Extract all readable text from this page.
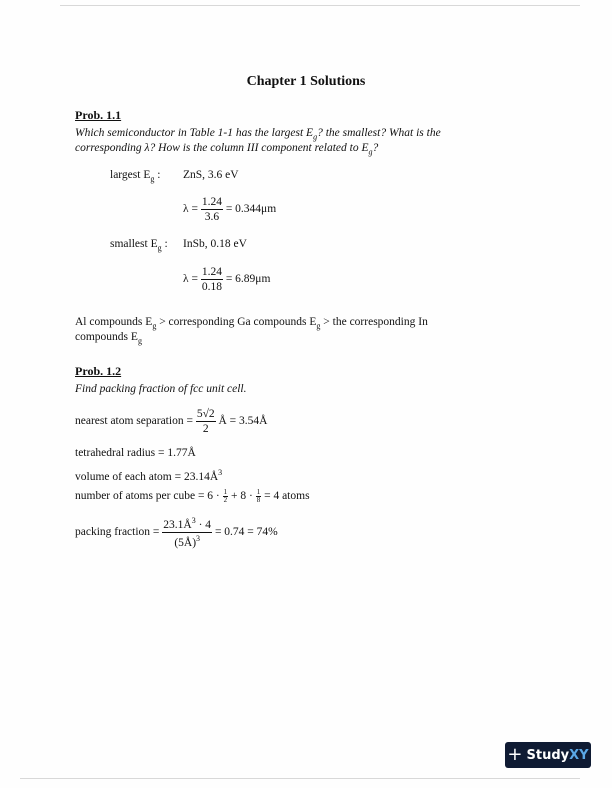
Chapter 1 Solutions
Prob. 1.1
Which semiconductor in Table 1-1 has the largest $E_g$? the smallest? What is the
corresponding λ? How is the column III component related to $E_g$?
largest $E_g$ : ZnS, 3.6 eV
$\lambda = \frac{1.24}{3.6} = 0.344\mu m$
smallest $E_g$ : InSb, 0.18 eV
$\lambda = \frac{1.24}{0.18} = 6.89\mu m$
Al compounds $E_g$ > corresponding Ga compounds $E_g$ > the corresponding In
compounds $E_g$
Prob. 1.2
Find packing fraction of fcc unit cell.
nearest atom separation = $\frac{5√2}{2}$ Å = 3.54Å
tetrahedral radius = 1.77Å
volume of each atom = $23.14Å^3$
number of atoms per cube = $6 \cdot \frac{1}{2} + 8 \cdot \frac{1}{8} = 4$ atoms
packing fraction = $\frac{23.1Å^3 \cdot 4}{(5Å)^3} = 0.74 = 74\%$
+ StudyXY
